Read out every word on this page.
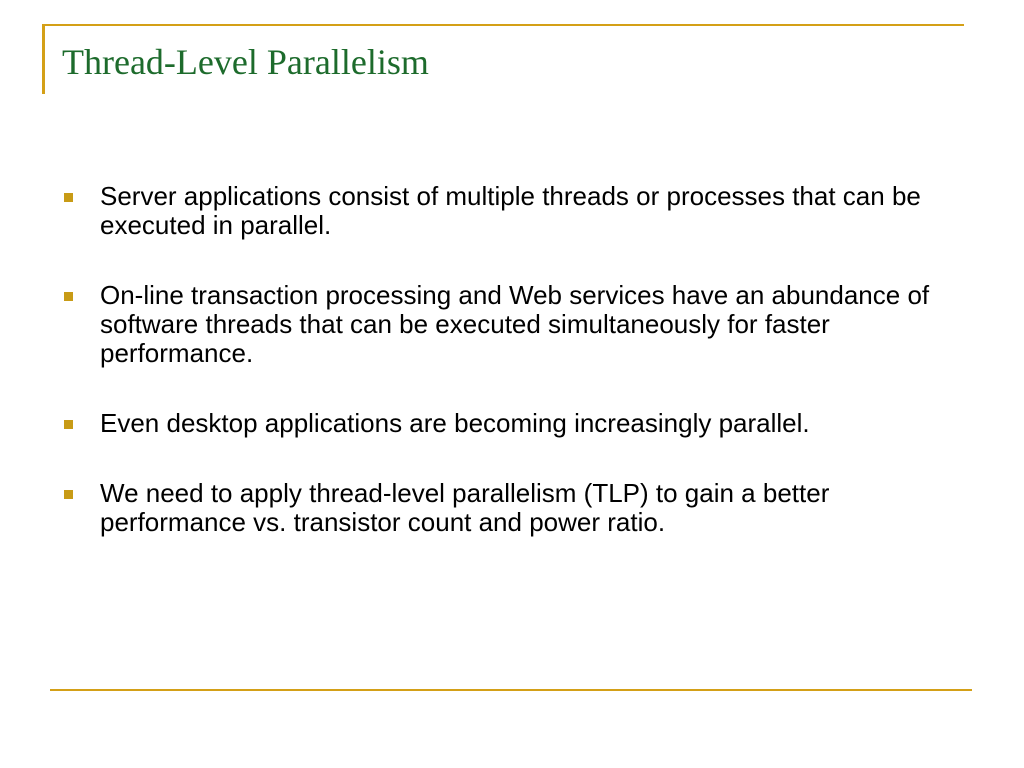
Thread-Level Parallelism
Server applications consist of multiple threads or processes that can be executed in parallel.
On-line transaction processing and Web services have an abundance of software threads that can be executed simultaneously for faster performance.
Even desktop applications are becoming increasingly parallel.
We need to apply thread-level parallelism (TLP) to gain a better performance vs. transistor count and power ratio.
